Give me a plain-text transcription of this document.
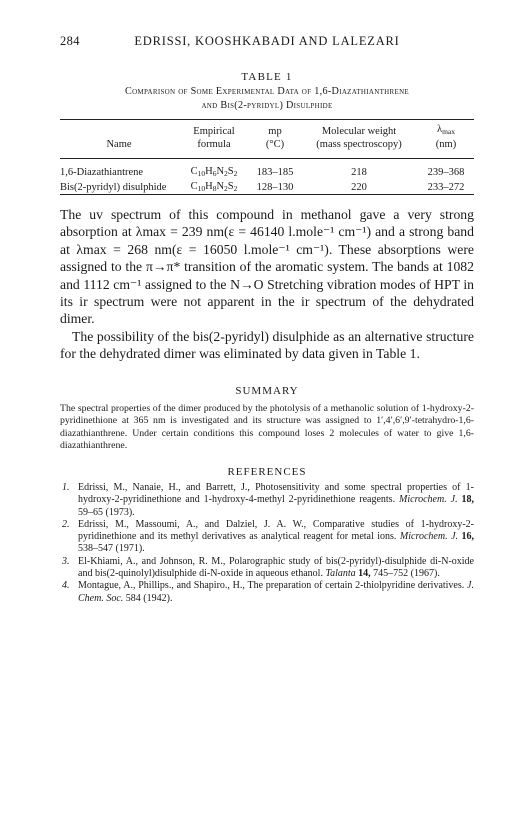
284	EDRISSI, KOOSHKABADI AND LALEZARI
TABLE 1
Comparison of Some Experimental Data of 1,6-Diazathianthrene
and Bis(2-pyridyl) Disulphide
	Empirical	mp	Molecular weight	λmax
Name	formula	(°C)	(mass spectroscopy)	(nm)

1,6-Diazathiantrene	$C_{10}H_6N_2S_2$	183–185	218	239–368
Bis(2-pyridyl) disulphide	$C_{10}H_8N_2S_2$	128–130	220	233–272

The uv spectrum of this compound in methanol gave a very strong absorption at λmax = 239 nm(ε = 46140 l.mole⁻¹ cm⁻¹) and a strong band at λmax = 268 nm(ε = 16050 l.mole⁻¹ cm⁻¹). These absorptions were assigned to the π→π* transition of the aromatic system. The bands at 1082 and 1112 cm⁻¹ assigned to the N→O Stretching vibration modes of HPT in its ir spectrum were not apparent in the ir spectrum of the dehydrated dimer.

The possibility of the bis(2-pyridyl) disulphide as an alternative structure for the dehydrated dimer was eliminated by data given in Table 1.

SUMMARY
The spectral properties of the dimer produced by the photolysis of a methanolic solution of 1-hydroxy-2-pyridinethione at 365 nm is investigated and its structure was assigned to 1′,4′,6′,9′-tetrahydro-1,6-diazathianthrene. Under certain conditions this compound loses 2 molecules of water to give 1,6-diazathianthrene.
REFERENCES
1. Edrissi, M., Nanaie, H., and Barrett, J., Photosensitivity and some spectral properties of 1-hydroxy-2-pyridinethione and 1-hydroxy-4-methyl 2-pyridinethione reagents. Microchem. J. 18, 59–65 (1973).
2. Edrissi, M., Massoumi, A., and Dalziel, J. A. W., Comparative studies of 1-hydroxy-2-pyridinethione and its methyl derivatives as analytical reagent for metal ions. Microchem. J. 16, 538–547 (1971).
3. El-Khiami, A., and Johnson, R. M., Polarographic study of bis(2-pyridyl)-disulphide di-N-oxide and bis(2-quinolyl)disulphide di-N-oxide in aqueous ethanol. Talanta 14, 745–752 (1967).
4. Montague, A., Phillips., and Shapiro., H., The preparation of certain 2-thiolpyridine derivatives. J. Chem. Soc. 584 (1942).
